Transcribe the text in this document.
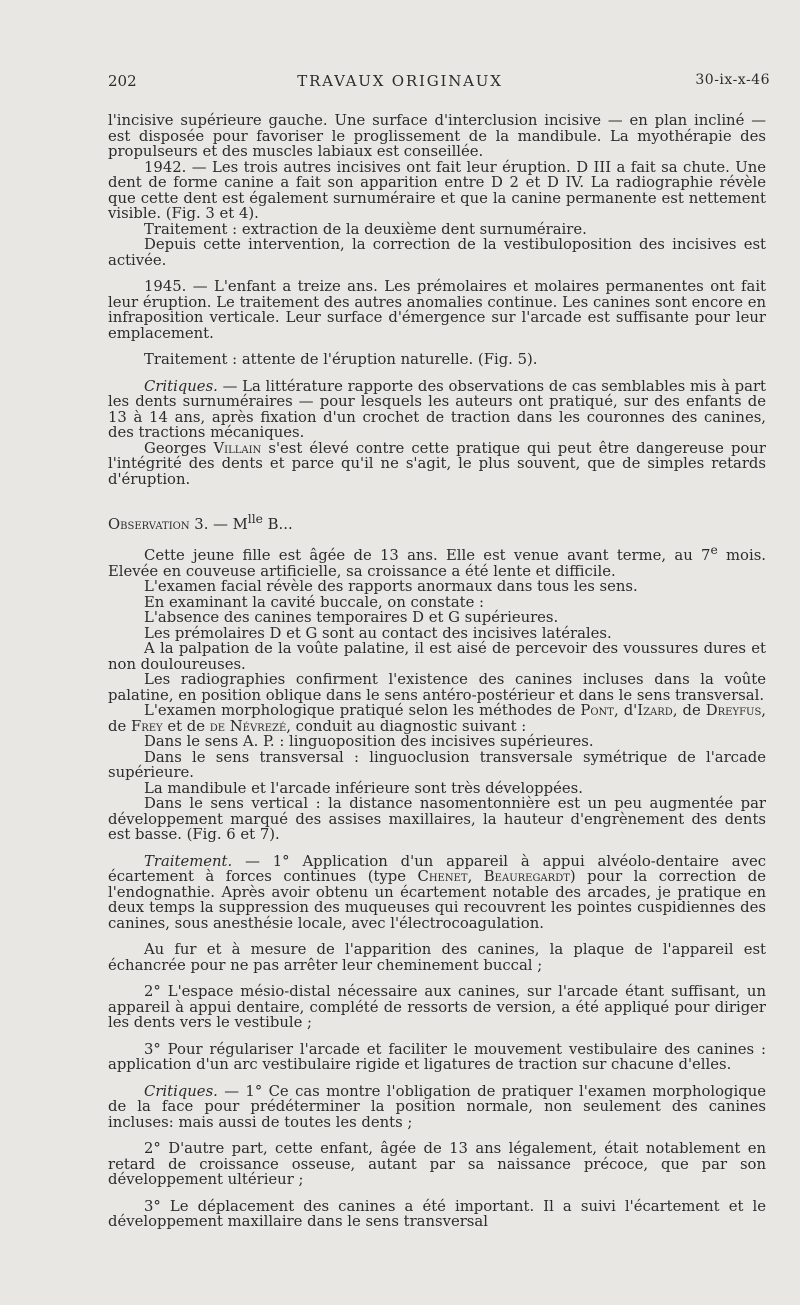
202	TRAVAUX ORIGINAUX	30-ix-x-46

l'incisive supérieure gauche. Une surface d'interclusion incisive — en plan incliné — est disposée pour favoriser le proglissement de la mandibule. La myothérapie des propulseurs et des muscles labiaux est conseillée.

1942. — Les trois autres incisives ont fait leur éruption. D III a fait sa chute. Une dent de forme canine a fait son apparition entre D 2 et D IV. La radiographie révèle que cette dent est également surnuméraire et que la canine permanente est nettement visible. (Fig. 3 et 4).

Traitement : extraction de la deuxième dent surnuméraire.

Depuis cette intervention, la correction de la vestibuloposition des incisives est activée.

1945. — L'enfant a treize ans. Les prémolaires et molaires permanentes ont fait leur éruption. Le traitement des autres anomalies continue. Les canines sont encore en infraposition verticale. Leur surface d'émergence sur l'arcade est suffisante pour leur emplacement.

Traitement : attente de l'éruption naturelle. (Fig. 5).

Critiques. — La littérature rapporte des observations de cas semblables mis à part les dents surnuméraires — pour lesquels les auteurs ont pratiqué, sur des enfants de 13 à 14 ans, après fixation d'un crochet de traction dans les couronnes des canines, des tractions mécaniques.

Georges Villain s'est élevé contre cette pratique qui peut être dangereuse pour l'intégrité des dents et parce qu'il ne s'agit, le plus souvent, que de simples retards d'éruption.

Observation 3. — $M^{lle}$ B...

Cette jeune fille est âgée de 13 ans. Elle est venue avant terme, au 7e mois. Elevée en couveuse artificielle, sa croissance a été lente et difficile.

L'examen facial révèle des rapports anormaux dans tous les sens.

En examinant la cavité buccale, on constate :

L'absence des canines temporaires D et G supérieures.

Les prémolaires D et G sont au contact des incisives latérales.

A la palpation de la voûte palatine, il est aisé de percevoir des voussures dures et non douloureuses.

Les radiographies confirment l'existence des canines incluses dans la voûte palatine, en position oblique dans le sens antéro-postérieur et dans le sens transversal.

L'examen morphologique pratiqué selon les méthodes de Pont, d'Izard, de Dreyfus, de Frey et de de Névrezé, conduit au diagnostic suivant :

Dans le sens A. P. : linguoposition des incisives supérieures.

Dans le sens transversal : linguoclusion transversale symétrique de l'arcade supérieure.

La mandibule et l'arcade inférieure sont très développées.

Dans le sens vertical : la distance nasomentonnière est un peu augmentée par développement marqué des assises maxillaires, la hauteur d'engrènement des dents est basse. (Fig. 6 et 7).

Traitement. — 1° Application d'un appareil à appui alvéolo-dentaire avec écartement à forces continues (type Chenet, Beauregardt) pour la correction de l'endognathie. Après avoir obtenu un écartement notable des arcades, je pratique en deux temps la suppression des muqueuses qui recouvrent les pointes cuspidiennes des canines, sous anesthésie locale, avec l'électrocoagulation.

Au fur et à mesure de l'apparition des canines, la plaque de l'appareil est échancrée pour ne pas arrêter leur cheminement buccal ;

2° L'espace mésio-distal nécessaire aux canines, sur l'arcade étant suffisant, un appareil à appui dentaire, complété de ressorts de version, a été appliqué pour diriger les dents vers le vestibule ;

3° Pour régulariser l'arcade et faciliter le mouvement vestibulaire des canines : application d'un arc vestibulaire rigide et ligatures de traction sur chacune d'elles.

Critiques. — 1° Ce cas montre l'obligation de pratiquer l'examen morphologique de la face pour prédéterminer la position normale, non seulement des canines incluses: mais aussi de toutes les dents ;

2° D'autre part, cette enfant, âgée de 13 ans légalement, était notablement en retard de croissance osseuse, autant par sa naissance précoce, que par son développement ultérieur ;

3° Le déplacement des canines a été important. Il a suivi l'écartement et le développement maxillaire dans le sens transversal
